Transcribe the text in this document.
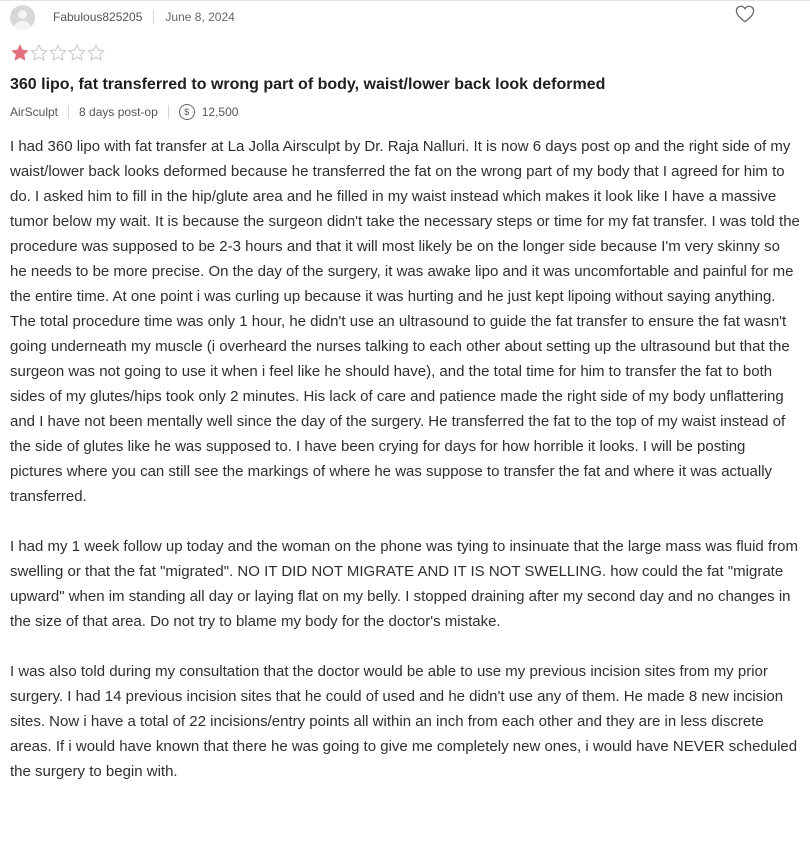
Fabulous825205 June 8, 2024
360 lipo, fat transferred to wrong part of body, waist/lower back look deformed
AirSculpt 8 days post-op	$	12,500

I had 360 lipo with fat transfer at La Jolla Airsculpt by Dr. Raja Nalluri. It is now 6 days post op and the right side of my waist/lower back looks deformed because he transferred the fat on the wrong part of my body that I agreed for him to do. I asked him to fill in the hip/glute area and he filled in my waist instead which makes it look like I have a massive tumor below my wait. It is because the surgeon didn't take the necessary steps or time for my fat transfer. I was told the procedure was supposed to be 2-3 hours and that it will most likely be on the longer side because I'm very skinny so he needs to be more precise. On the day of the surgery, it was awake lipo and it was uncomfortable and painful for me the entire time. At one point i was curling up because it was hurting and he just kept lipoing without saying anything. The total procedure time was only 1 hour, he didn't use an ultrasound to guide the fat transfer to ensure the fat wasn't going underneath my muscle (i overheard the nurses talking to each other about setting up the ultrasound but that the surgeon was not going to use it when i feel like he should have), and the total time for him to transfer the fat to both sides of my glutes/hips took only 2 minutes. His lack of care and patience made the right side of my body unflattering and I have not been mentally well since the day of the surgery. He transferred the fat to the top of my waist instead of the side of glutes like he was supposed to. I have been crying for days for how horrible it looks. I will be posting pictures where you can still see the markings of where he was suppose to transfer the fat and where it was actually transferred.

I had my 1 week follow up today and the woman on the phone was tying to insinuate that the large mass was fluid from swelling or that the fat "migrated". NO IT DID NOT MIGRATE AND IT IS NOT SWELLING. how could the fat "migrate upward" when im standing all day or laying flat on my belly. I stopped draining after my second day and no changes in the size of that area. Do not try to blame my body for the doctor's mistake.

I was also told during my consultation that the doctor would be able to use my previous incision sites from my prior surgery. I had 14 previous incision sites that he could of used and he didn't use any of them. He made 8 new incision sites. Now i have a total of 22 incisions/entry points all within an inch from each other and they are in less discrete areas. If i would have known that there he was going to give me completely new ones, i would have NEVER scheduled the surgery to begin with.
